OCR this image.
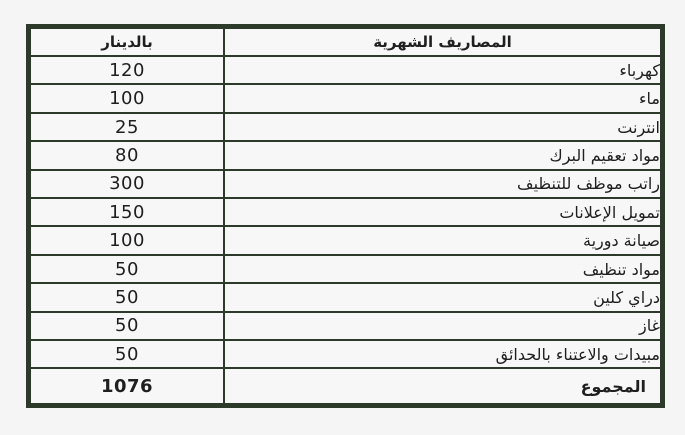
بالدينار	المصاريف الشهرية
120	كهرباء
100	ماء
25	انترنت
80	مواد تعقيم البرك
300	راتب موظف للتنظيف
150	تمويل الإعلانات
100	صيانة دورية
50	مواد تنظيف
50	دراي كلين
50	غاز
50	مبيدات والاعتناء بالحدائق
1076	المجموع
